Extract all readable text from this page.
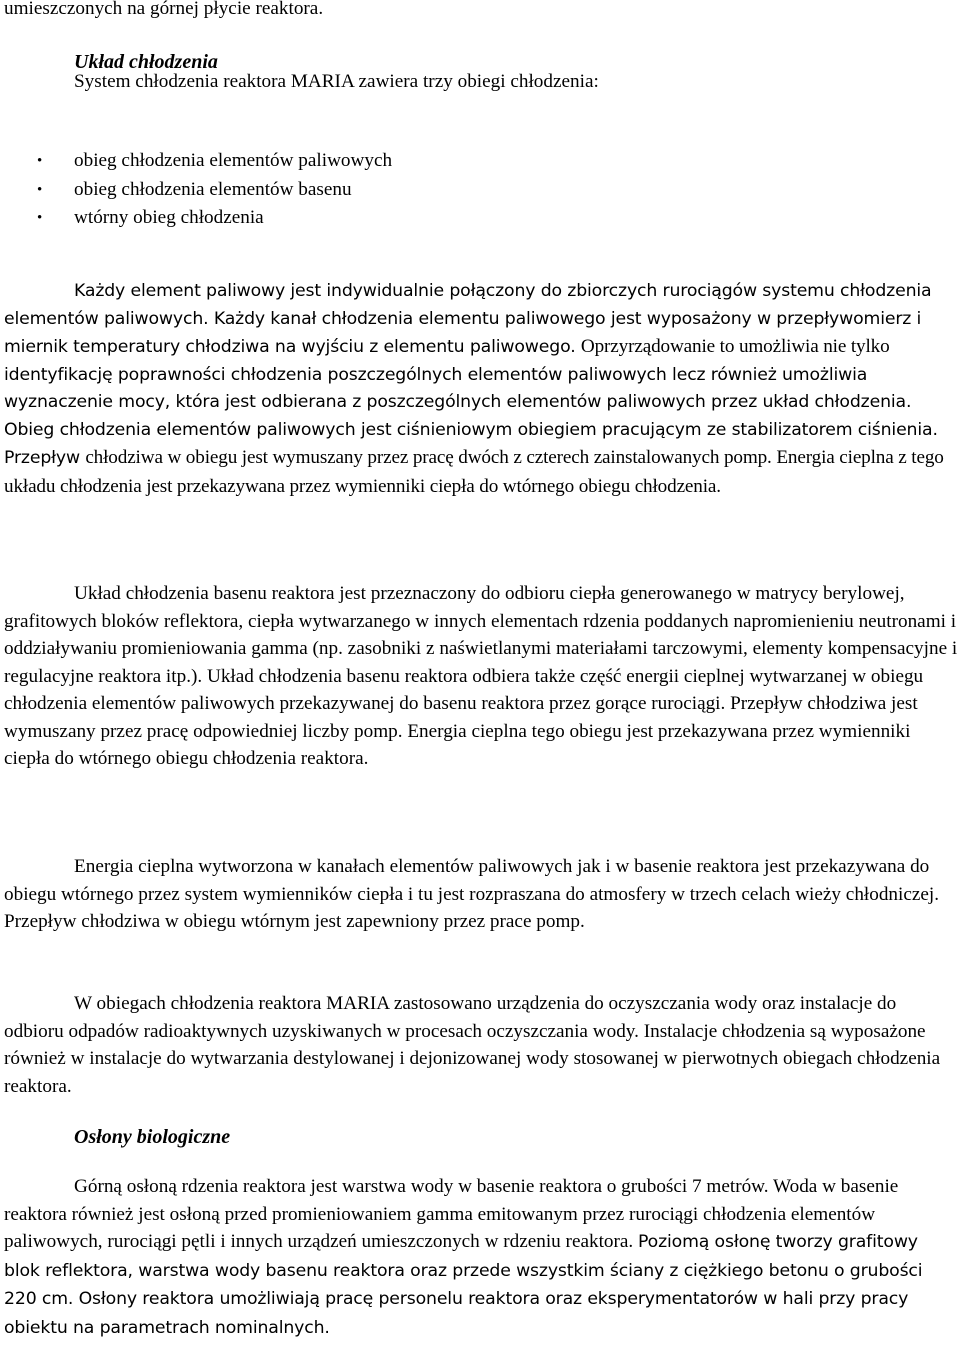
umieszczonych na górnej płycie reaktora.

Układ chłodzenia

System chłodzenia reaktora MARIA zawiera trzy obiegi chłodzenia:

• obieg chłodzenia elementów paliwowych
• obieg chłodzenia elementów basenu
• wtórny obieg chłodzenia

Każdy element paliwowy jest indywidualnie połączony do zbiorczych rurociągów systemu chłodzenia elementów paliwowych. Każdy kanał chłodzenia elementu paliwowego jest wyposażony w przepływomierz i miernik temperatury chłodziwa na wyjściu z elementu paliwowego. Oprzyrządowanie to umożliwia nie tylko identyfikację poprawności chłodzenia poszczególnych elementów paliwowych lecz również umożliwia wyznaczenie mocy, która jest odbierana z poszczególnych elementów paliwowych przez układ chłodzenia. Obieg chłodzenia elementów paliwowych jest ciśnieniowym obiegiem pracującym ze stabilizatorem ciśnienia. Przepływ chłodziwa w obiegu jest wymuszany przez pracę dwóch z czterech zainstalowanych pomp. Energia cieplna z tego układu chłodzenia jest przekazywana przez wymienniki ciepła do wtórnego obiegu chłodzenia.

Układ chłodzenia basenu reaktora jest przeznaczony do odbioru ciepła generowanego w matrycy berylowej, grafitowych bloków reflektora, ciepła wytwarzanego w innych elementach rdzenia poddanych napromienieniu neutronami i oddziaływaniu promieniowania gamma (np. zasobniki z naświetlanymi materiałami tarczowymi, elementy kompensacyjne i regulacyjne reaktora itp.). Układ chłodzenia basenu reaktora odbiera także część energii cieplnej wytwarzanej w obiegu chłodzenia elementów paliwowych przekazywanej do basenu reaktora przez gorące rurociągi. Przepływ chłodziwa jest wymuszany przez pracę odpowiedniej liczby pomp. Energia cieplna tego obiegu jest przekazywana przez wymienniki ciepła do wtórnego obiegu chłodzenia reaktora.

Energia cieplna wytworzona w kanałach elementów paliwowych jak i w basenie reaktora jest przekazywana do obiegu wtórnego przez system wymienników ciepła i tu jest rozpraszana do atmosfery w trzech celach wieży chłodniczej. Przepływ chłodziwa w obiegu wtórnym jest zapewniony przez prace pomp.

W obiegach chłodzenia reaktora MARIA zastosowano urządzenia do oczyszczania wody oraz instalacje do odbioru odpadów radioaktywnych uzyskiwanych w procesach oczyszczania wody. Instalacje chłodzenia są wyposażone również w instalacje do wytwarzania destylowanej i dejonizowanej wody stosowanej w pierwotnych obiegach chłodzenia reaktora.

Osłony biologiczne

Górną osłoną rdzenia reaktora jest warstwa wody w basenie reaktora o grubości 7 metrów. Woda w basenie reaktora również jest osłoną przed promieniowaniem gamma emitowanym przez rurociągi chłodzenia elementów paliwowych, rurociągi pętli i innych urządzeń umieszczonych w rdzeniu reaktora. Poziomą osłonę tworzy grafitowy blok reflektora, warstwa wody basenu reaktora oraz przede wszystkim ściany z ciężkiego betonu o grubości 220 cm. Osłony reaktora umożliwiają pracę personelu reaktora oraz eksperymentatorów w hali przy pracy obiektu na parametrach nominalnych.
